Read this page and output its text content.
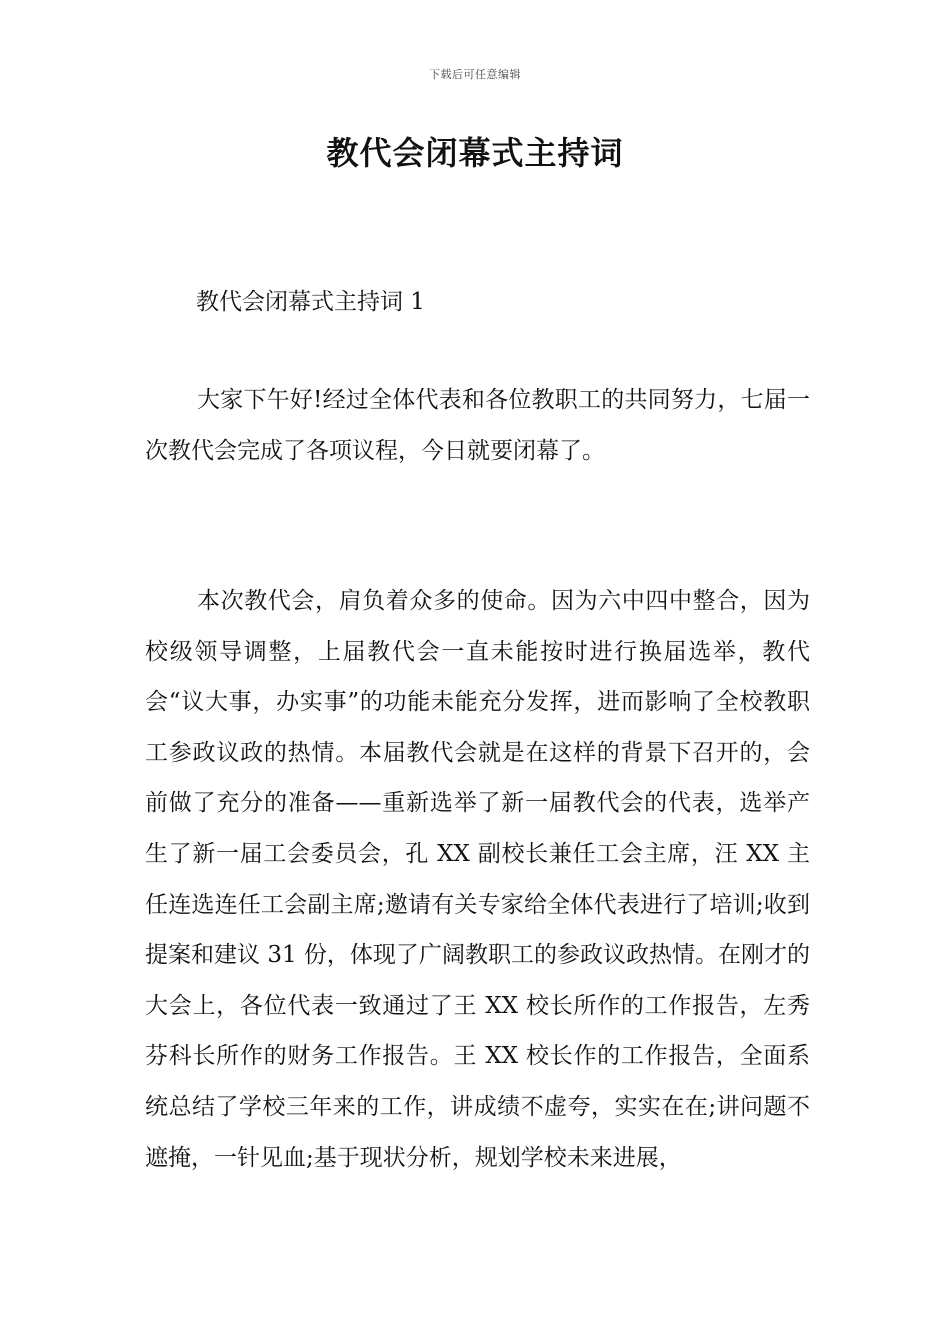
下载后可任意编辑
教代会闭幕式主持词
教代会闭幕式主持词 1

大家下午好!经过全体代表和各位教职工的共同努力，七届一次教代会完成了各项议程，今日就要闭幕了。

本次教代会，肩负着众多的使命。因为六中四中整合，因为校级领导调整，上届教代会一直未能按时进行换届选举，教代会“议大事，办实事”的功能未能充分发挥，进而影响了全校教职工参政议政的热情。本届教代会就是在这样的背景下召开的，会前做了充分的准备——重新选举了新一届教代会的代表，选举产生了新一届工会委员会，孔 XX 副校长兼任工会主席，汪 XX 主任连选连任工会副主席;邀请有关专家给全体代表进行了培训;收到提案和建议 31 份，体现了广阔教职工的参政议政热情。在刚才的大会上，各位代表一致通过了王 XX 校长所作的工作报告，左秀芬科长所作的财务工作报告。王 XX 校长作的工作报告，全面系统总结了学校三年来的工作，讲成绩不虚夸，实实在在;讲问题不遮掩，一针见血;基于现状分析，规划学校未来进展，
